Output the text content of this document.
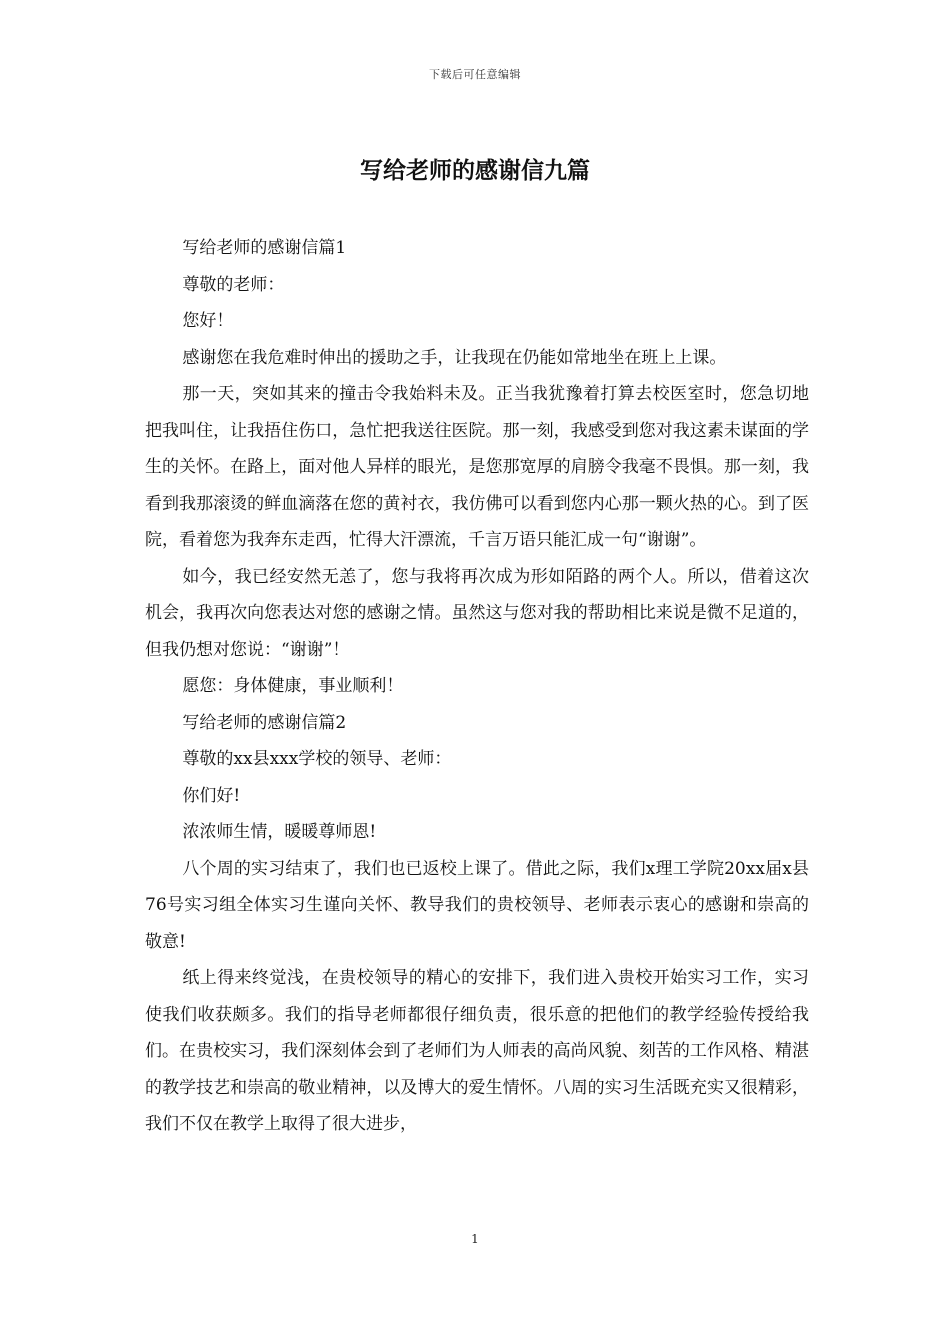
下载后可任意编辑
写给老师的感谢信九篇

写给老师的感谢信篇1

尊敬的老师：

您好！

感谢您在我危难时伸出的援助之手，让我现在仍能如常地坐在班上上课。

那一天，突如其来的撞击令我始料未及。正当我犹豫着打算去校医室时，您急切地把我叫住，让我捂住伤口，急忙把我送往医院。那一刻，我感受到您对我这素未谋面的学生的关怀。在路上，面对他人异样的眼光，是您那宽厚的肩膀令我毫不畏惧。那一刻，我看到我那滚烫的鲜血滴落在您的黄衬衣，我仿佛可以看到您内心那一颗火热的心。到了医院，看着您为我奔东走西，忙得大汗漂流，千言万语只能汇成一句“谢谢”。

如今，我已经安然无恙了，您与我将再次成为形如陌路的两个人。所以，借着这次机会，我再次向您表达对您的感谢之情。虽然这与您对我的帮助相比来说是微不足道的，但我仍想对您说：“谢谢”！

愿您：身体健康，事业顺利！

写给老师的感谢信篇2

尊敬的xx县xxx学校的领导、老师：

你们好!

浓浓师生情，暖暖尊师恩!

八个周的实习结束了，我们也已返校上课了。借此之际，我们x理工学院20xx届x县76号实习组全体实习生谨向关怀、教导我们的贵校领导、老师表示衷心的感谢和崇高的敬意!

纸上得来终觉浅，在贵校领导的精心的安排下，我们进入贵校开始实习工作，实习使我们收获颇多。我们的指导老师都很仔细负责，很乐意的把他们的教学经验传授给我们。在贵校实习，我们深刻体会到了老师们为人师表的高尚风貌、刻苦的工作风格、精湛的教学技艺和崇高的敬业精神，以及博大的爱生情怀。八周的实习生活既充实又很精彩，我们不仅在教学上取得了很大进步，

1
